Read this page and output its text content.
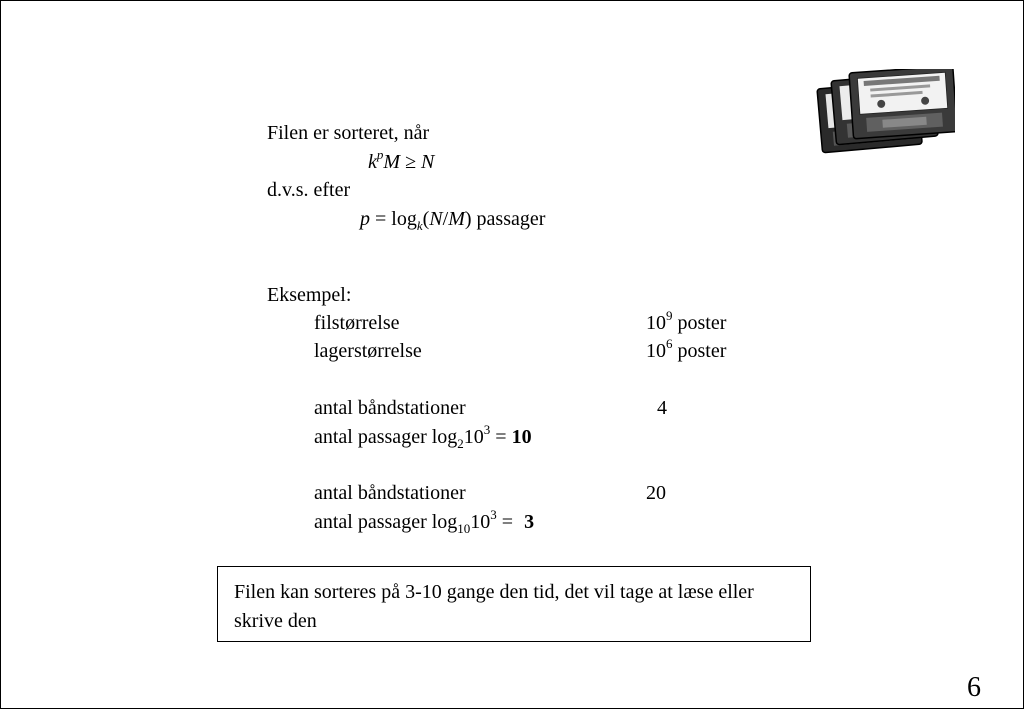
Filen er sorteret, når
$k^pM \ge N$
d.v.s. efter
$p = \log_k(N/M)$ passager
Eksempel:
filstørrelse	$10^9$ poster
lagerstørrelse	$10^6$ poster
antal båndstationer	4
antal passager $\log_210^3 = 10$
antal båndstationer	20
antal passager $\log_{10}10^3 = 3$
Filen kan sorteres på 3-10 gange den tid, det vil tage at læse eller skrive den
6
